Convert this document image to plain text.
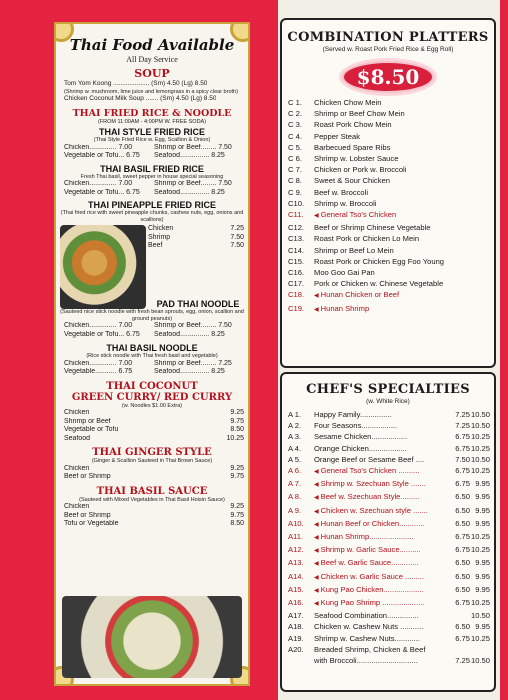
Thai Food Available
All Day Service
SOUP
Tom Yom Koong .................... (Sm) 4.50 (Lg) 8.50
(Shrimp w. mushroom, lime juice and lemongrass in a spicy clear broth)
Chicken Coconut Milk Soup ....... (Sm) 4.50 (Lg) 8.50
THAI FRIED RICE & NOODLE
(FROM 11:00AM - 4:00PM W. FREE SODA)
THAI STYLE FRIED RICE
(Thai Style Fried Rice w. Egg, Scallion & Onion)
Chicken.............. 7.00	Shrimp or Beef........ 7.50
Vegetable or Tofu... 6.75	Seafood............... 8.25
THAI BASIL FRIED RICE
Fresh Thai basil, sweet pepper in house special seasoning
Chicken.............. 7.00	Shrimp or Beef........ 7.50
Vegetable or Tofu... 6.75	Seafood............... 8.25
THAI PINEAPPLE FRIED RICE
(Thai fried rice with sweet pineapple chunks, cashew nuts, egg, onions and scallions)
Chicken	7.25
Shrimp	7.50
Beef	7.50
PAD THAI NOODLE
(Sauteed nice stick noodle with fresh bean sprouts, egg, onion, scallion and ground peanuts)
Chicken.............. 7.00	Shrimp or Beef........ 7.50
Vegetable or Tofu... 6.75	Seafood............... 8.25
THAI BASIL NOODLE
(Rice stick noodle with Thai fresh basil and vegetable)
Chicken.............. 7.00	Shrimp or Beef........ 7.25
Vegetable........... 6.75	Seafood............... 8.25
THAI COCONUT
GREEN CURRY/ RED CURRY
(w. Noodles $1.00 Extra)
Chicken	9.25
Shrimp or Beef	9.75
Vegetable or Tofu	8.50
Seafood	10.25
THAI GINGER STYLE
(Ginger & Scallion Sauteed in Thai Brown Sauce)
Chicken	9.25
Beef or Shrimp	9.75
THAI BASIL SAUCE
(Sauteed with Mixed Vegetables in Thai Basil Hoisin Sauce)
Chicken	9.25
Beef or Shrimp	9.75
Tofu or Vegetable	8.50
COMBINATION PLATTERS
(Served w. Roast Pork Fried Rice & Egg Roll)
$8.50
C 1.	Chicken Chow Mein
C 2.	Shrimp or Beef Chow Mein
C 3.	Roast Pork Chow Mein
C 4.	Pepper Steak
C 5.	Barbecued Spare Ribs
C 6.	Shrimp w. Lobster Sauce
C 7.	Chicken or Pork w. Broccoli
C 8.	Sweet & Sour Chicken
C 9.	Beef w. Broccoli
C10.	Shrimp w. Broccoli
C11.	◀ General Tso's Chicken
C12.	Beef or Shrimp Chinese Vegetable
C13.	Roast Pork or Chicken Lo Mein
C14.	Shrimp or Beef Lo Mein
C15.	Roast Pork or Chicken Egg Foo Young
C16.	Moo Goo Gai Pan
C17.	Pork or Chicken w. Chinese Vegetable
C18.	◀ Hunan Chicken or Beef
C19.	◀ Hunan Shrimp
CHEF'S SPECIALTIES
(w. White Rice)
A 1.	Happy Family...............	7.25 10.50
A 2.	Four Seasons.................	7.25 10.50
A 3.	Sesame Chicken.................	6.75 10.25
A 4.	Orange Chicken..................	6.75 10.25
A 5.	Orange Beef or Sesame Beef ....	7.50 10.50
A 6.	◀ General Tso's Chicken ..........	6.75 10.25
A 7.	◀ Shrimp w. Szechuan Style .......	6.75 9.95
A 8.	◀ Beef w. Szechuan Style.........	6.50 9.95
A 9.	◀ Chicken w. Szechuan style .......	6.50 9.95
A10.	◀ Hunan Beef or Chicken............	6.50 9.95
A11.	◀ Hunan Shrimp.....................	6.75 10.25
A12.	◀ Shrimp w. Garlic Sauce..........	6.75 10.25
A13.	◀ Beef w. Garlic Sauce.............	6.50 9.95
A14.	◀ Chicken w. Garlic Sauce .........	6.50 9.95
A15.	◀ Kung Pao Chicken...................	6.50 9.95
A16.	◀ Kung Pao Shrimp ....................	6.75 10.25
A17.	Seafood Combination...............	10.50
A18.	Chicken w. Cashew Nuts ...........	6.50 9.95
A19.	Shrimp w. Cashew Nuts............	6.75 10.25
A20.	Breaded Shrimp, Chicken & Beef
with Broccoli.............................	7.25 10.50
